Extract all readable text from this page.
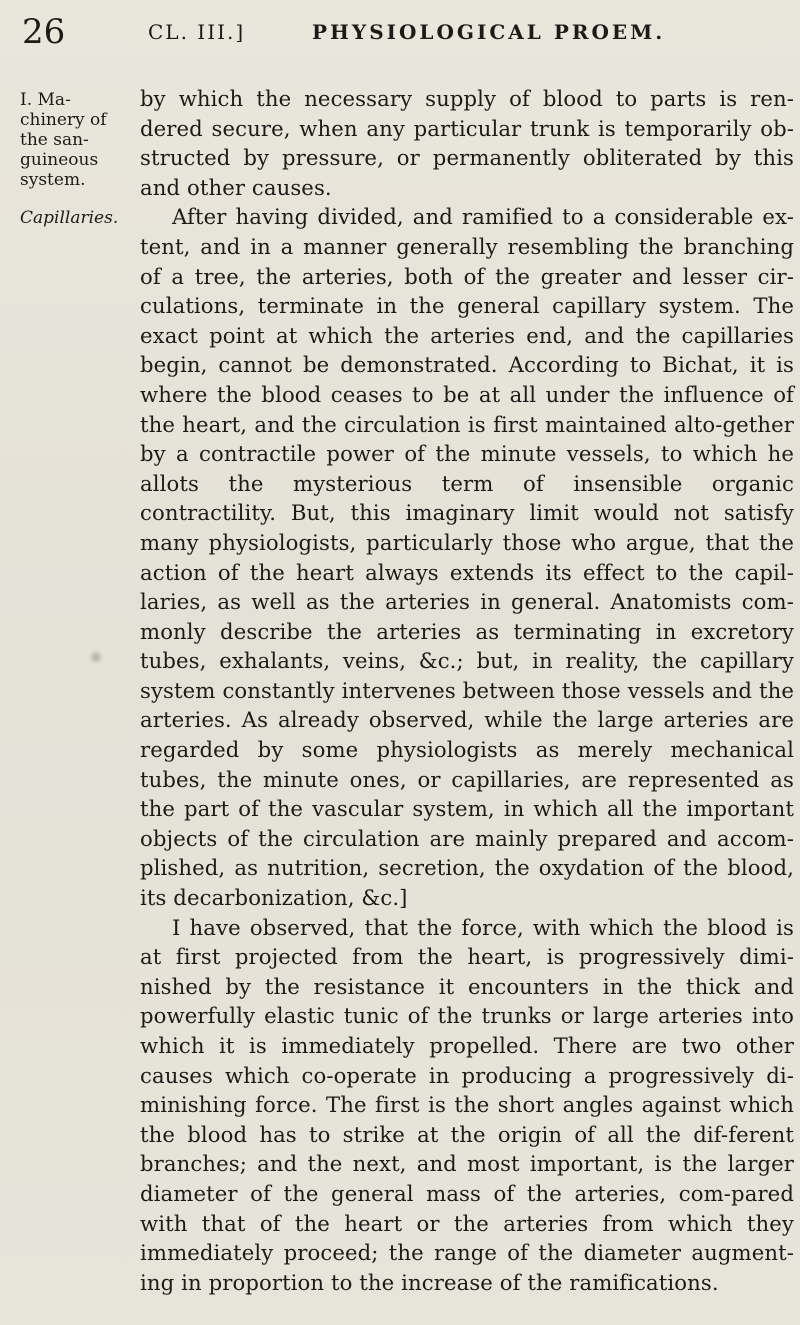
26	CL. III.]	PHYSIOLOGICAL PROEM.

I. Ma-chinery of the san-guineous system.

Capillaries.

by which the necessary supply of blood to parts is ren-dered secure, when any particular trunk is temporarily ob-structed by pressure, or permanently obliterated by this and other causes.

After having divided, and ramified to a considerable ex-tent, and in a manner generally resembling the branching of a tree, the arteries, both of the greater and lesser cir-culations, terminate in the general capillary system. The exact point at which the arteries end, and the capillaries begin, cannot be demonstrated. According to Bichat, it is where the blood ceases to be at all under the influence of the heart, and the circulation is first maintained alto-gether by a contractile power of the minute vessels, to which he allots the mysterious term of insensible organic contractility. But, this imaginary limit would not satisfy many physiologists, particularly those who argue, that the action of the heart always extends its effect to the capil-laries, as well as the arteries in general. Anatomists com-monly describe the arteries as terminating in excretory tubes, exhalants, veins, &c.; but, in reality, the capillary system constantly intervenes between those vessels and the arteries. As already observed, while the large arteries are regarded by some physiologists as merely mechanical tubes, the minute ones, or capillaries, are represented as the part of the vascular system, in which all the important objects of the circulation are mainly prepared and accom-plished, as nutrition, secretion, the oxydation of the blood, its decarbonization, &c.]

I have observed, that the force, with which the blood is at first projected from the heart, is progressively dimi-nished by the resistance it encounters in the thick and powerfully elastic tunic of the trunks or large arteries into which it is immediately propelled. There are two other causes which co-operate in producing a progressively di-minishing force. The first is the short angles against which the blood has to strike at the origin of all the dif-ferent branches; and the next, and most important, is the larger diameter of the general mass of the arteries, com-pared with that of the heart or the arteries from which they immediately proceed; the range of the diameter augment-ing in proportion to the increase of the ramifications.
